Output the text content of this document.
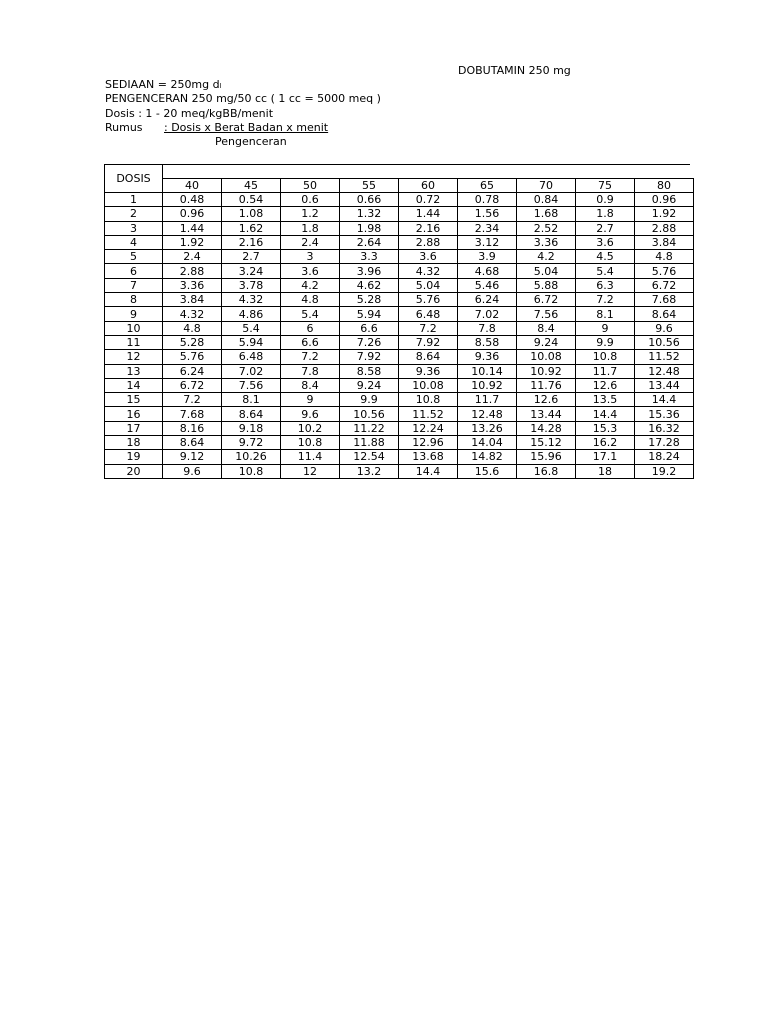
DOBUTAMIN 250 mg
SEDIAAN = 250mg dₗ
PENGENCERAN 250 mg/50 cc ( 1 cc = 5000 meq )
Dosis : 1 - 20 meq/kgBB/menit
Rumus : Dosis x Berat Badan x menit
Pengenceran
DOSIS									
	40	45	50	55	60	65	70	75	80
1	0.48	0.54	0.6	0.66	0.72	0.78	0.84	0.9	0.96
2	0.96	1.08	1.2	1.32	1.44	1.56	1.68	1.8	1.92
3	1.44	1.62	1.8	1.98	2.16	2.34	2.52	2.7	2.88
4	1.92	2.16	2.4	2.64	2.88	3.12	3.36	3.6	3.84
5	2.4	2.7	3	3.3	3.6	3.9	4.2	4.5	4.8
6	2.88	3.24	3.6	3.96	4.32	4.68	5.04	5.4	5.76
7	3.36	3.78	4.2	4.62	5.04	5.46	5.88	6.3	6.72
8	3.84	4.32	4.8	5.28	5.76	6.24	6.72	7.2	7.68
9	4.32	4.86	5.4	5.94	6.48	7.02	7.56	8.1	8.64
10	4.8	5.4	6	6.6	7.2	7.8	8.4	9	9.6
11	5.28	5.94	6.6	7.26	7.92	8.58	9.24	9.9	10.56
12	5.76	6.48	7.2	7.92	8.64	9.36	10.08	10.8	11.52
13	6.24	7.02	7.8	8.58	9.36	10.14	10.92	11.7	12.48
14	6.72	7.56	8.4	9.24	10.08	10.92	11.76	12.6	13.44
15	7.2	8.1	9	9.9	10.8	11.7	12.6	13.5	14.4
16	7.68	8.64	9.6	10.56	11.52	12.48	13.44	14.4	15.36
17	8.16	9.18	10.2	11.22	12.24	13.26	14.28	15.3	16.32
18	8.64	9.72	10.8	11.88	12.96	14.04	15.12	16.2	17.28
19	9.12	10.26	11.4	12.54	13.68	14.82	15.96	17.1	18.24
20	9.6	10.8	12	13.2	14.4	15.6	16.8	18	19.2
